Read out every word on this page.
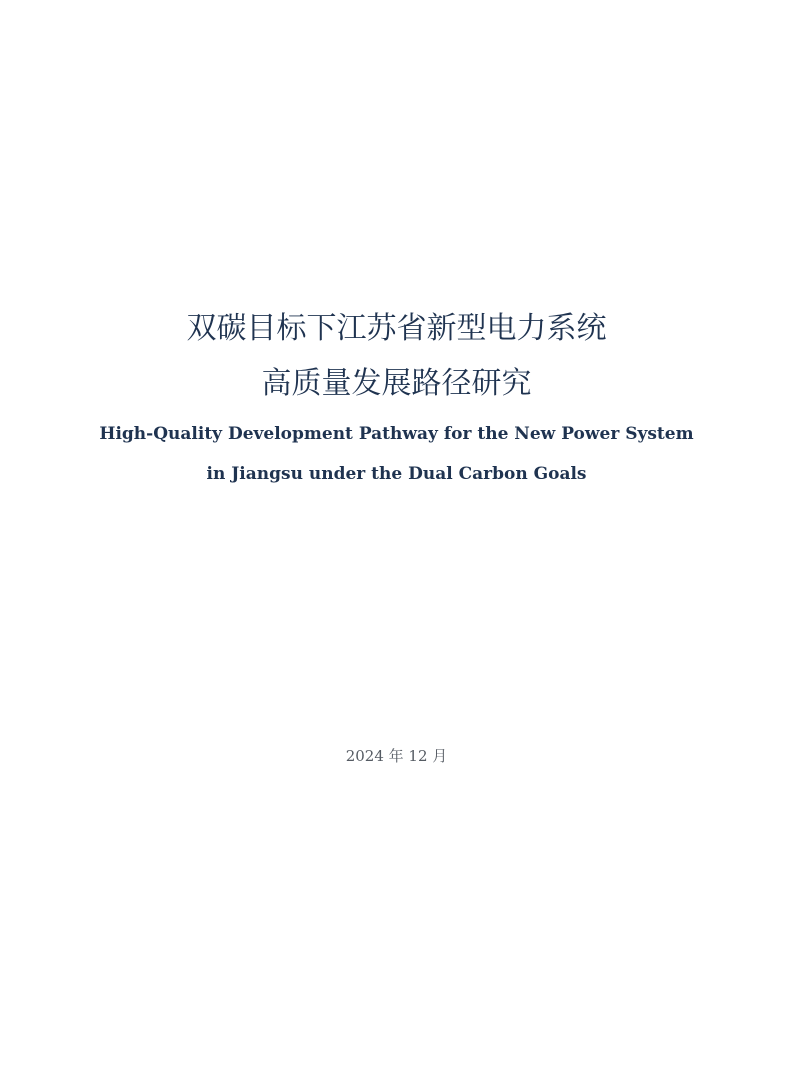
双碳目标下江苏省新型电力系统
高质量发展路径研究
High-Quality Development Pathway for the New Power System
in Jiangsu under the Dual Carbon Goals
2024 年 12 月
